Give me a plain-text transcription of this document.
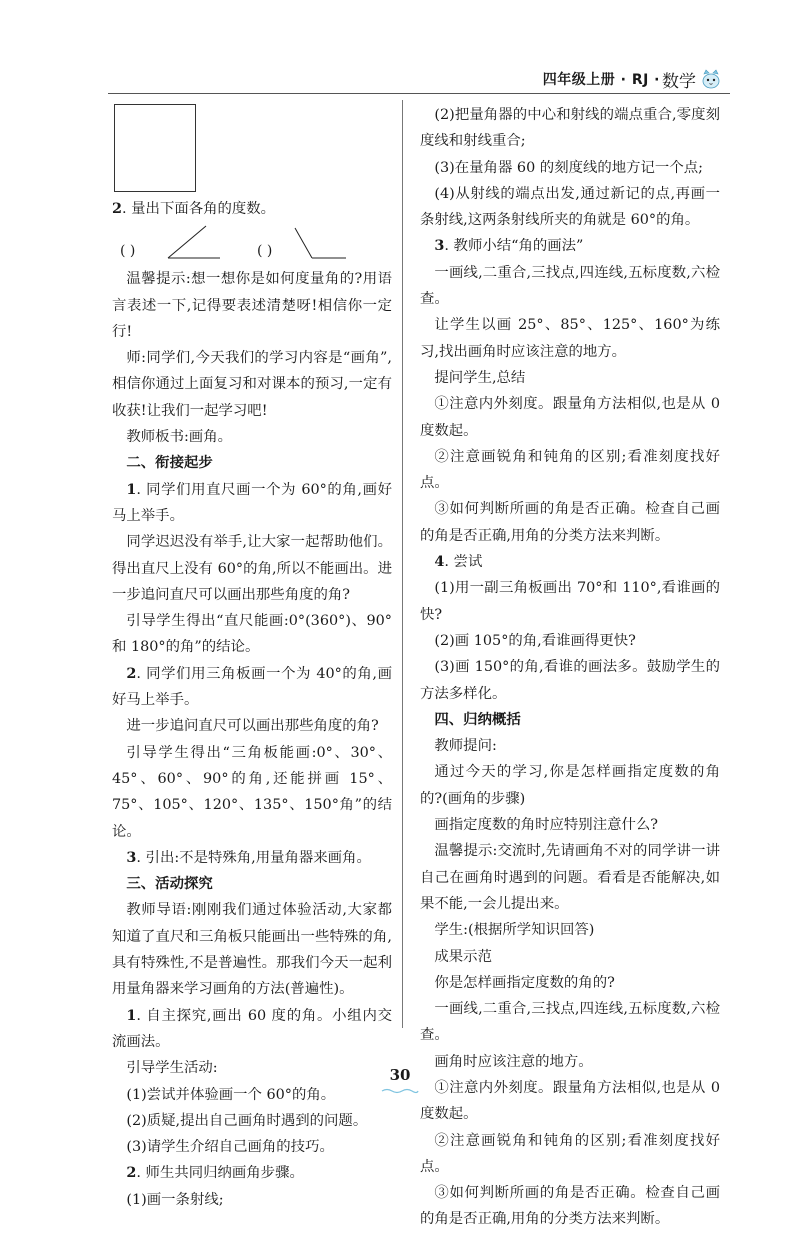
四年级上册 · RJ · 数学

2. 量出下面各角的度数。

( )	( )

温馨提示:想一想你是如何度量角的?用语言表述一下,记得要表述清楚呀!相信你一定行!

师:同学们,今天我们的学习内容是“画角”,相信你通过上面复习和对课本的预习,一定有收获!让我们一起学习吧!

教师板书:画角。

二、衔接起步

1. 同学们用直尺画一个为 60°的角,画好马上举手。

同学迟迟没有举手,让大家一起帮助他们。得出直尺上没有 60°的角,所以不能画出。进一步追问直尺可以画出那些角度的角?

引导学生得出“直尺能画:0°(360°)、90°和 180°的角”的结论。

2. 同学们用三角板画一个为 40°的角,画好马上举手。

进一步追问直尺可以画出那些角度的角?

引导学生得出“三角板能画:0°、30°、45°、60°、90°的角,还能拼画 15°、75°、105°、120°、135°、150°角”的结论。

3. 引出:不是特殊角,用量角器来画角。

三、活动探究

教师导语:刚刚我们通过体验活动,大家都知道了直尺和三角板只能画出一些特殊的角,具有特殊性,不是普遍性。那我们今天一起利用量角器来学习画角的方法(普遍性)。

1. 自主探究,画出 60 度的角。小组内交流画法。

引导学生活动:

(1)尝试并体验画一个 60°的角。

(2)质疑,提出自己画角时遇到的问题。

(3)请学生介绍自己画角的技巧。

2. 师生共同归纳画角步骤。

(1)画一条射线;

(2)把量角器的中心和射线的端点重合,零度刻度线和射线重合;

(3)在量角器 60 的刻度线的地方记一个点;

(4)从射线的端点出发,通过新记的点,再画一条射线,这两条射线所夹的角就是 60°的角。

3. 教师小结“角的画法”

一画线,二重合,三找点,四连线,五标度数,六检查。

让学生以画 25°、85°、125°、160°为练习,找出画角时应该注意的地方。

提问学生,总结

①注意内外刻度。跟量角方法相似,也是从 0 度数起。

②注意画锐角和钝角的区别;看准刻度找好点。

③如何判断所画的角是否正确。检查自己画的角是否正确,用角的分类方法来判断。

4. 尝试

(1)用一副三角板画出 70°和 110°,看谁画的快?

(2)画 105°的角,看谁画得更快?

(3)画 150°的角,看谁的画法多。鼓励学生的方法多样化。

四、归纳概括

教师提问:

通过今天的学习,你是怎样画指定度数的角的?(画角的步骤)

画指定度数的角时应特别注意什么?

温馨提示:交流时,先请画角不对的同学讲一讲自己在画角时遇到的问题。看看是否能解决,如果不能,一会儿提出来。

学生:(根据所学知识回答)

成果示范

你是怎样画指定度数的角的?

一画线,二重合,三找点,四连线,五标度数,六检查。

画角时应该注意的地方。

①注意内外刻度。跟量角方法相似,也是从 0 度数起。

②注意画锐角和钝角的区别;看准刻度找好点。

③如何判断所画的角是否正确。检查自己画的角是否正确,用角的分类方法来判断。

30
